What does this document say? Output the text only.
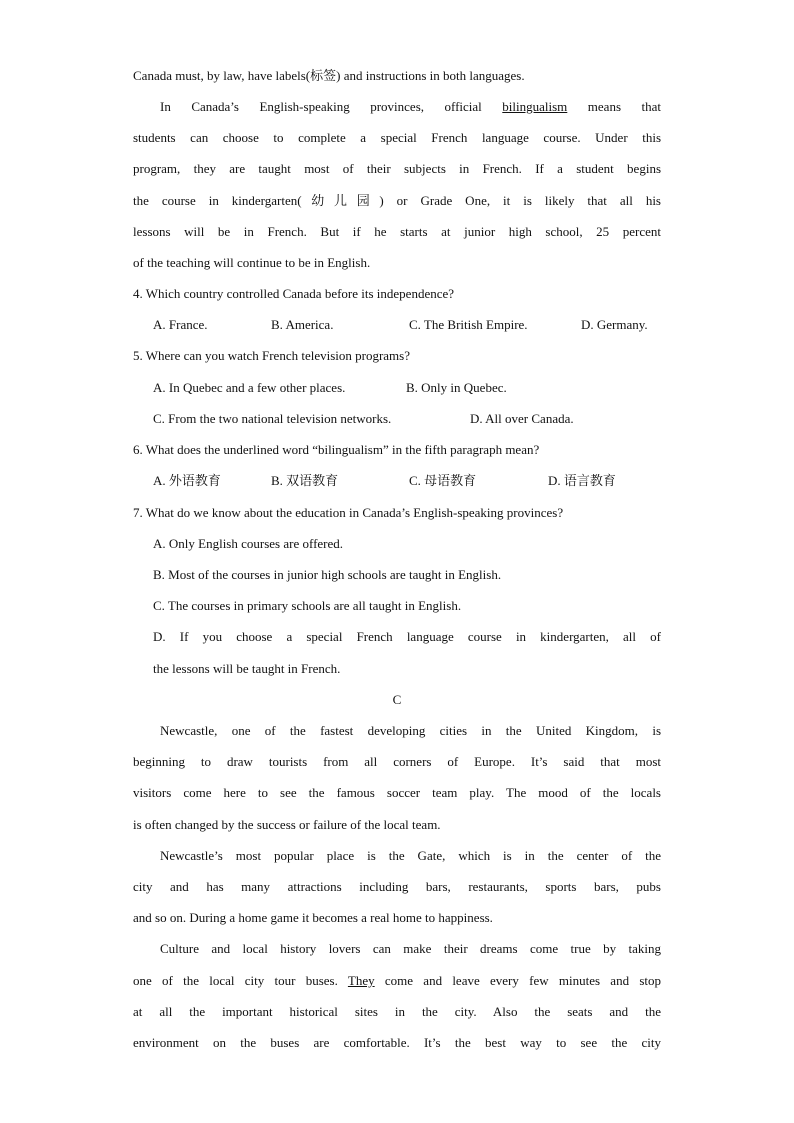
Canada must, by law, have labels(标签) and instructions in both languages.

In Canada’s English-speaking provinces, official bilingualism means that

students can choose to complete a special French language course. Under this

program, they are taught most of their subjects in French. If a student begins

the course in kindergarten(幼儿园) or Grade One, it is likely that all his

lessons will be in French. But if he starts at junior high school, 25 percent

of the teaching will continue to be in English.

4. Which country controlled Canada before its independence?

A. France.	B. America.	C. The British Empire.	D. Germany.

5. Where can you watch French television programs?

A. In Quebec and a few other places.	B. Only in Quebec.

C. From the two national television networks.	D. All over Canada.

6. What does the underlined word “bilingualism” in the fifth paragraph mean?

A. 外语教育	B. 双语教育	C. 母语教育	D. 语言教育

7. What do we know about the education in Canada’s English-speaking provinces?

A. Only English courses are offered.

B. Most of the courses in junior high schools are taught in English.

C. The courses in primary schools are all taught in English.

D. If you choose a special French language course in kindergarten, all of

the lessons will be taught in French.

C

Newcastle, one of the fastest developing cities in the United Kingdom, is

beginning to draw tourists from all corners of Europe. It’s said that most

visitors come here to see the famous soccer team play. The mood of the locals

is often changed by the success or failure of the local team.

Newcastle’s most popular place is the Gate, which is in the center of the

city and has many attractions including bars, restaurants, sports bars, pubs

and so on. During a home game it becomes a real home to happiness.

Culture and local history lovers can make their dreams come true by taking

one of the local city tour buses. They come and leave every few minutes and stop

at all the important historical sites in the city. Also the seats and the

environment on the buses are comfortable. It’s the best way to see the city
